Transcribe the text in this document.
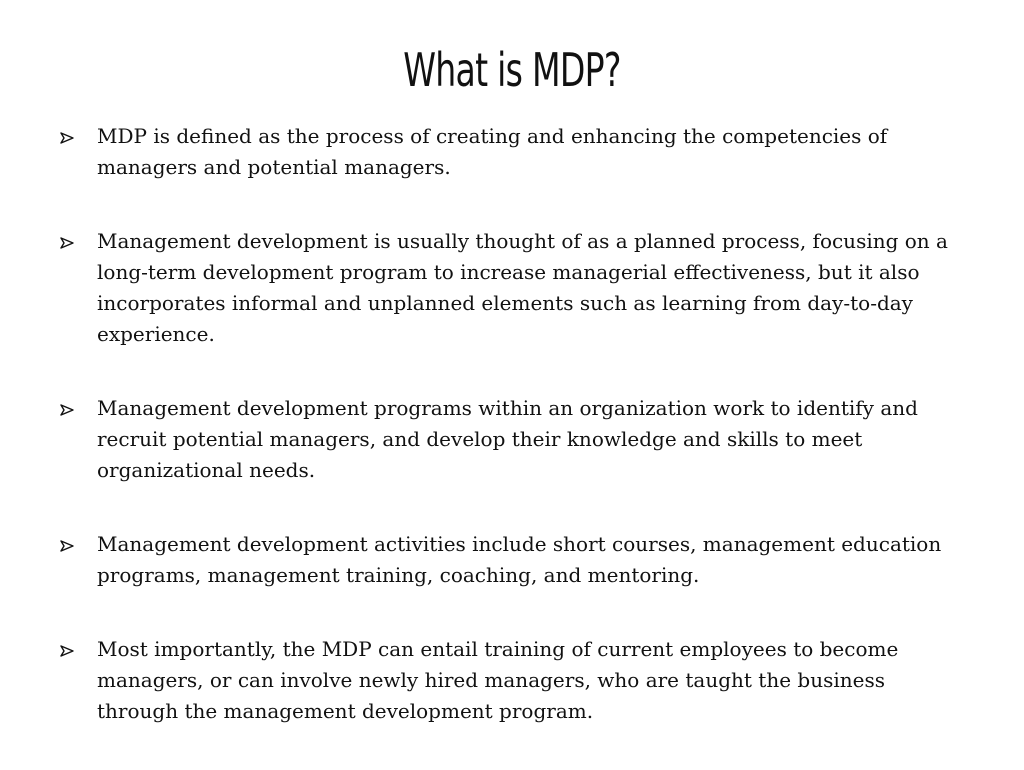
What is MDP?
MDP is defined as the process of creating and enhancing the competencies of managers and potential managers.
Management development is usually thought of as a planned process, focusing on a long-term development program to increase managerial effectiveness, but it also incorporates informal and unplanned elements such as learning from day-to-day experience.
Management development programs within an organization work to identify and recruit potential managers, and develop their knowledge and skills to meet organizational needs.
Management development activities include short courses, management education programs, management training, coaching, and mentoring.
Most importantly, the MDP can entail training of current employees to become managers, or can involve newly hired managers, who are taught the business through the management development program.
